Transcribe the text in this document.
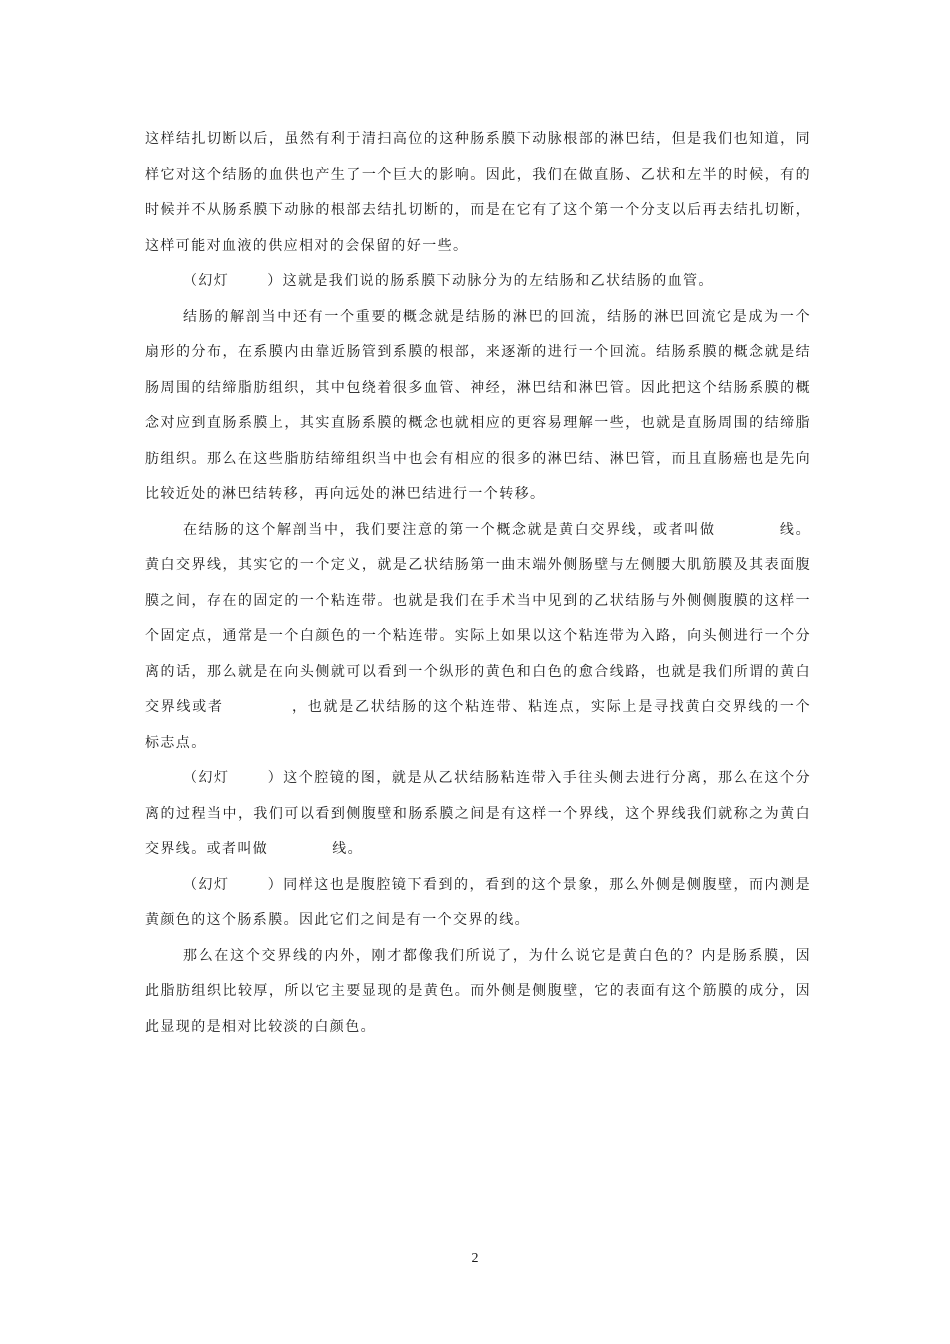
这样结扎切断以后，虽然有利于清扫高位的这种肠系膜下动脉根部的淋巴结，但是我们也知道，同样它对这个结肠的血供也产生了一个巨大的影响。因此，我们在做直肠、乙状和左半的时候，有的时候并不从肠系膜下动脉的根部去结扎切断的，而是在它有了这个第一个分支以后再去结扎切断，这样可能对血液的供应相对的会保留的好一些。

（幻灯	）这就是我们说的肠系膜下动脉分为的左结肠和乙状结肠的血管。

结肠的解剖当中还有一个重要的概念就是结肠的淋巴的回流，结肠的淋巴回流它是成为一个扇形的分布，在系膜内由靠近肠管到系膜的根部，来逐渐的进行一个回流。结肠系膜的概念就是结肠周围的结缔脂肪组织，其中包绕着很多血管、神经，淋巴结和淋巴管。因此把这个结肠系膜的概念对应到直肠系膜上，其实直肠系膜的概念也就相应的更容易理解一些，也就是直肠周围的结缔脂肪组织。那么在这些脂肪结缔组织当中也会有相应的很多的淋巴结、淋巴管，而且直肠癌也是先向比较近处的淋巴结转移，再向远处的淋巴结进行一个转移。

在结肠的这个解剖当中，我们要注意的第一个概念就是黄白交界线，或者叫做	线。黄白交界线，其实它的一个定义，就是乙状结肠第一曲末端外侧肠壁与左侧腰大肌筋膜及其表面腹膜之间，存在的固定的一个粘连带。也就是我们在手术当中见到的乙状结肠与外侧侧腹膜的这样一个固定点，通常是一个白颜色的一个粘连带。实际上如果以这个粘连带为入路，向头侧进行一个分离的话，那么就是在向头侧就可以看到一个纵形的黄色和白色的愈合线路，也就是我们所谓的黄白交界线或者	，也就是乙状结肠的这个粘连带、粘连点，实际上是寻找黄白交界线的一个标志点。

（幻灯	）这个腔镜的图，就是从乙状结肠粘连带入手往头侧去进行分离，那么在这个分离的过程当中，我们可以看到侧腹壁和肠系膜之间是有这样一个界线，这个界线我们就称之为黄白交界线。或者叫做	线。

（幻灯	）同样这也是腹腔镜下看到的，看到的这个景象，那么外侧是侧腹壁，而内测是黄颜色的这个肠系膜。因此它们之间是有一个交界的线。

那么在这个交界线的内外，刚才都像我们所说了，为什么说它是黄白色的？内是肠系膜，因此脂肪组织比较厚，所以它主要显现的是黄色。而外侧是侧腹壁，它的表面有这个筋膜的成分，因此显现的是相对比较淡的白颜色。

2
